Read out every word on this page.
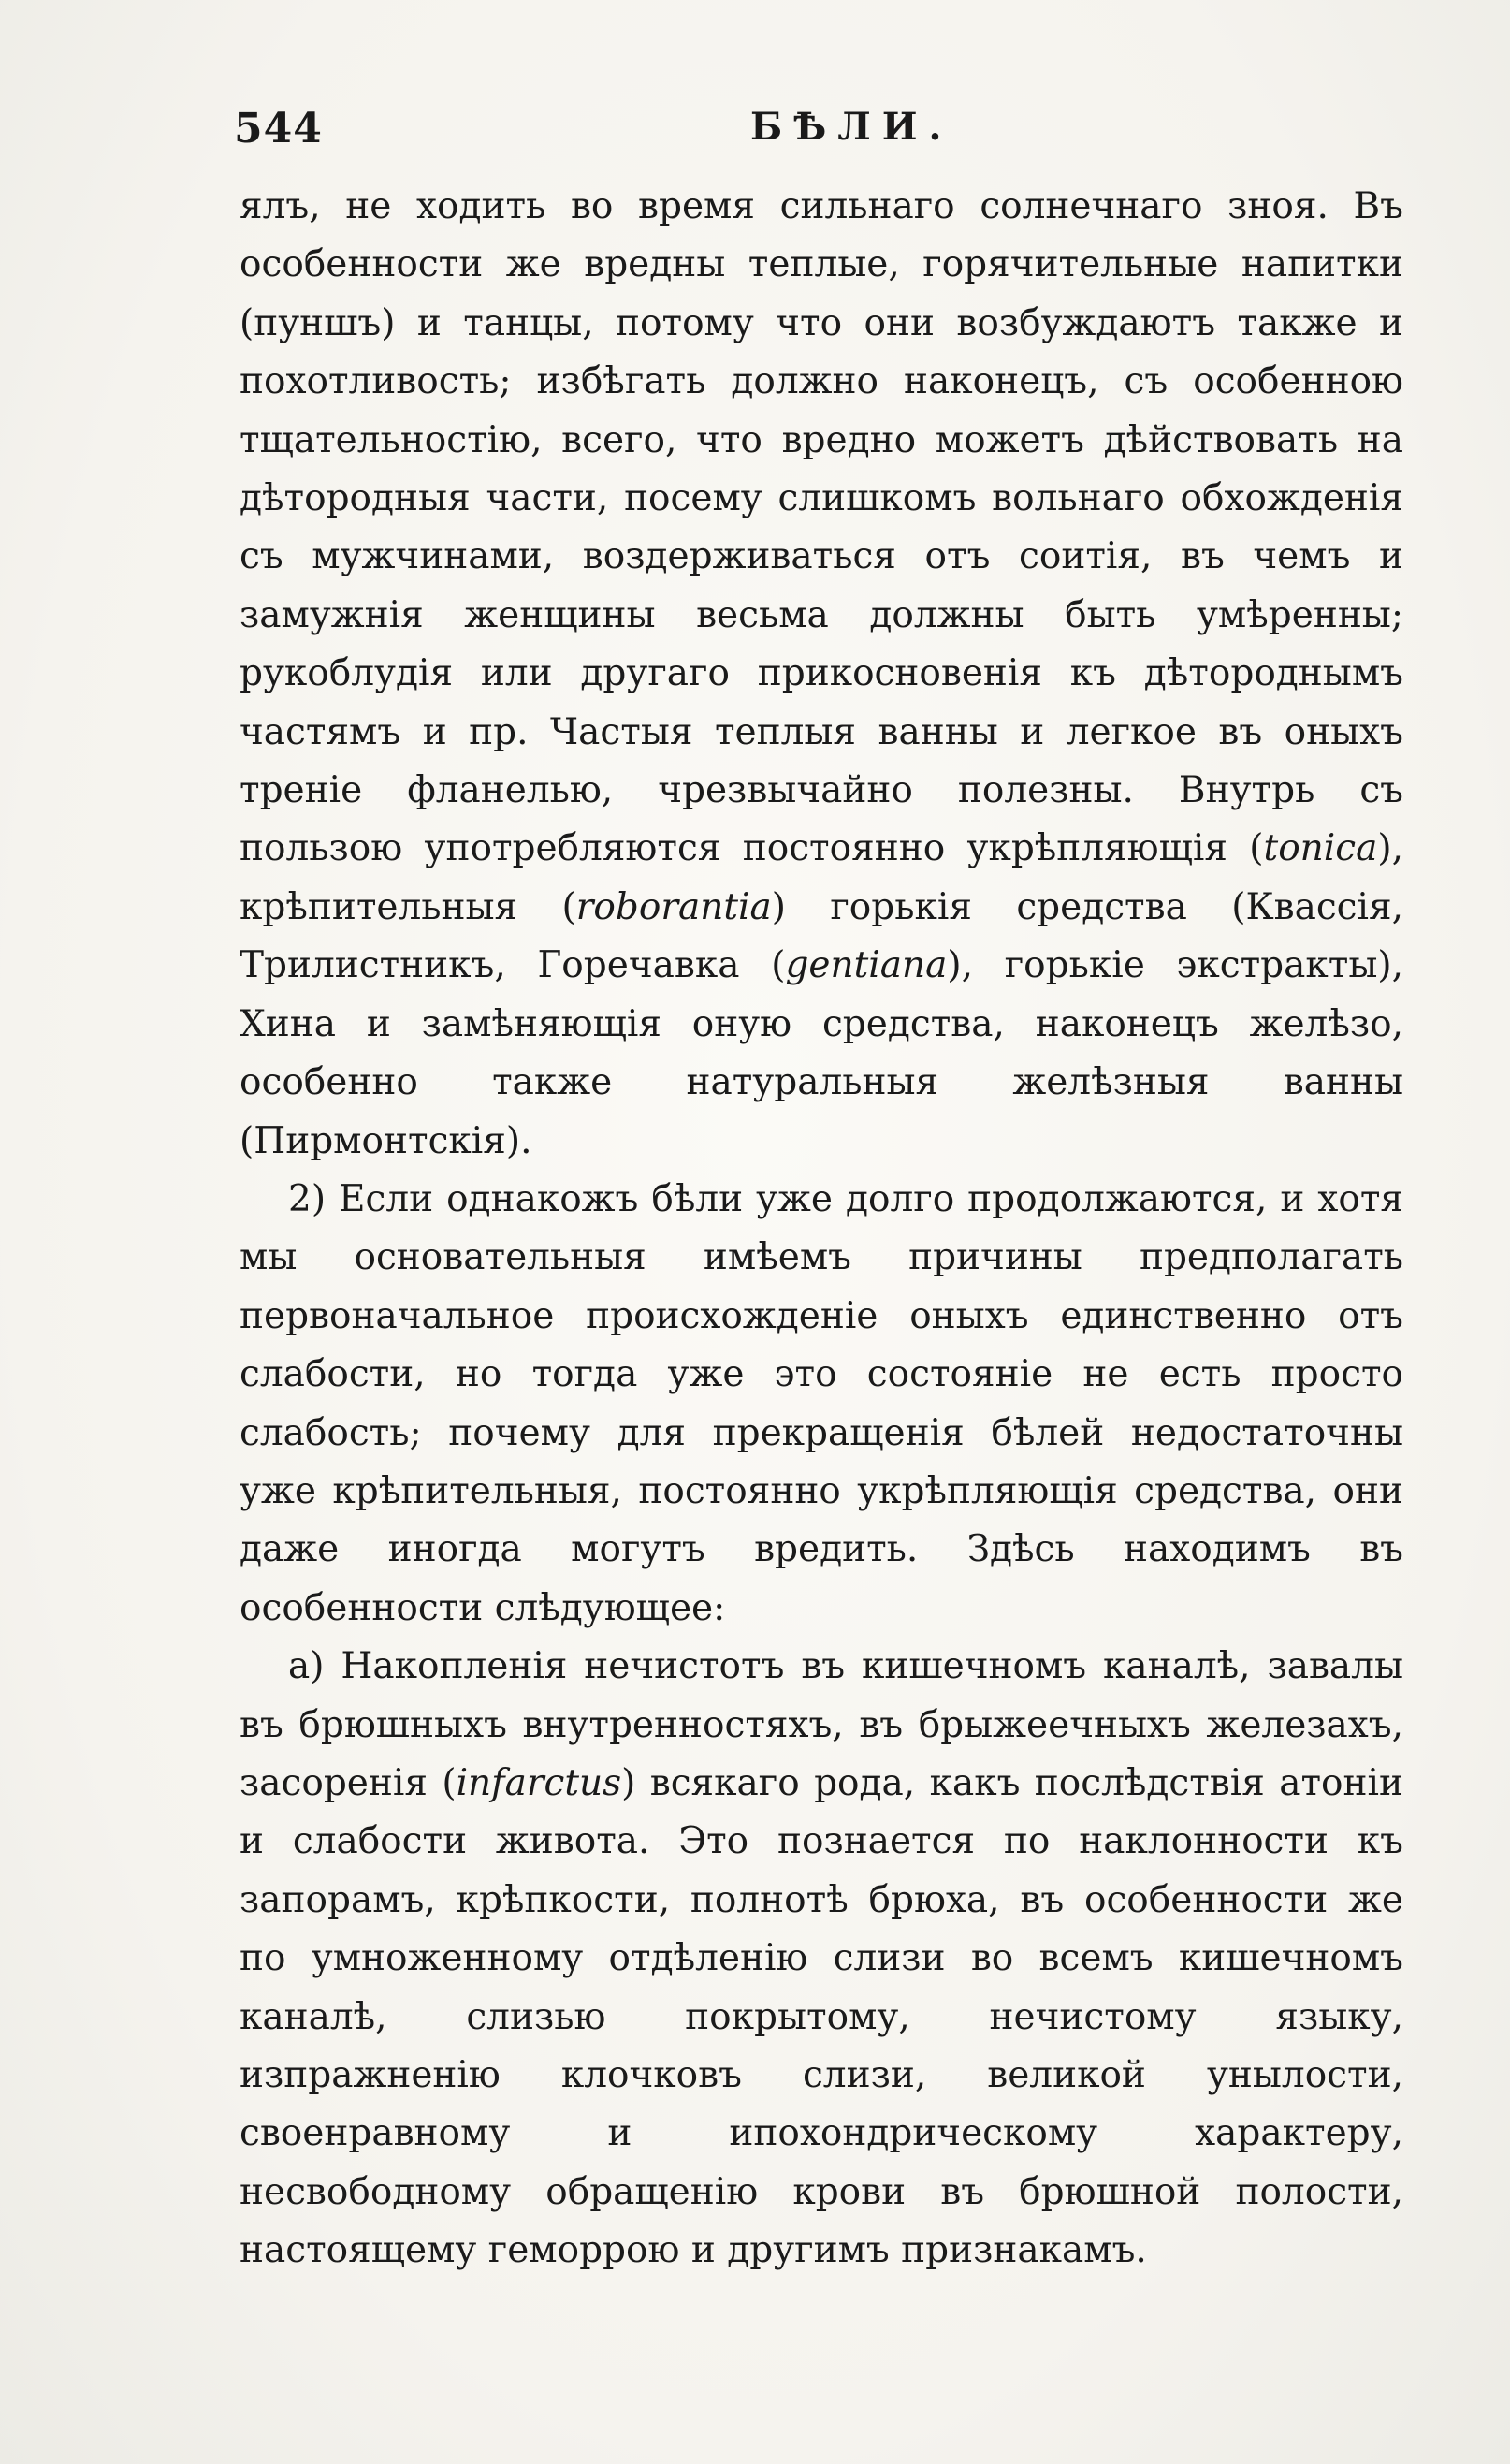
544	БѢЛИ.

ялъ, не ходить во время сильнаго солнечнаго зноя. Въ особенности же вредны теплые, горячительные напитки (пуншъ) и танцы, потому что они возбуждаютъ также и похотливость; избѣгать должно наконецъ, съ особенною тщательностію, всего, что вредно можетъ дѣйствовать на дѣтородныя части, посему слишкомъ вольнаго обхожденія съ мужчинами, воздерживаться отъ соитія, въ чемъ и замужнія женщины весьма должны быть умѣренны; рукоблудія или другаго прикосновенія къ дѣтороднымъ частямъ и пр. Частыя теплыя ванны и легкое въ оныхъ треніе фланелью, чрезвычайно полезны. Внутрь съ пользою употребляются постоянно укрѣпляющія (tonica), крѣпительныя (roborantia) горькія средства (Квассія, Трилистникъ, Горечавка (gentiana), горькіе экстракты), Хина и замѣняющія оную средства, наконецъ желѣзо, особенно также натуральныя желѣзныя ванны (Пирмонтскія).

2) Если однакожъ бѣли уже долго продолжаются, и хотя мы основательныя имѣемъ причины предполагать первоначальное происхожденіе оныхъ единственно отъ слабости, но тогда уже это состояніе не есть просто слабость; почему для прекращенія бѣлей недостаточны уже крѣпительныя, постоянно укрѣпляющія средства, они даже иногда могутъ вредить. Здѣсь находимъ въ особенности слѣдующее:

а) Накопленія нечистотъ въ кишечномъ каналѣ, завалы въ брюшныхъ внутренностяхъ, въ брыжеечныхъ железахъ, засоренія (infarctus) всякаго рода, какъ послѣдствія атоніи и слабости живота. Это познается по наклонности къ запорамъ, крѣпкости, полнотѣ брюха, въ особенности же по умноженному отдѣленію слизи во всемъ кишечномъ каналѣ, слизью покрытому, нечистому языку, изпражненію клочковъ слизи, великой унылости, своенравному и ипохондрическому характеру, несвободному обращенію крови въ брюшной полости, настоящему геморрою и другимъ признакамъ.
